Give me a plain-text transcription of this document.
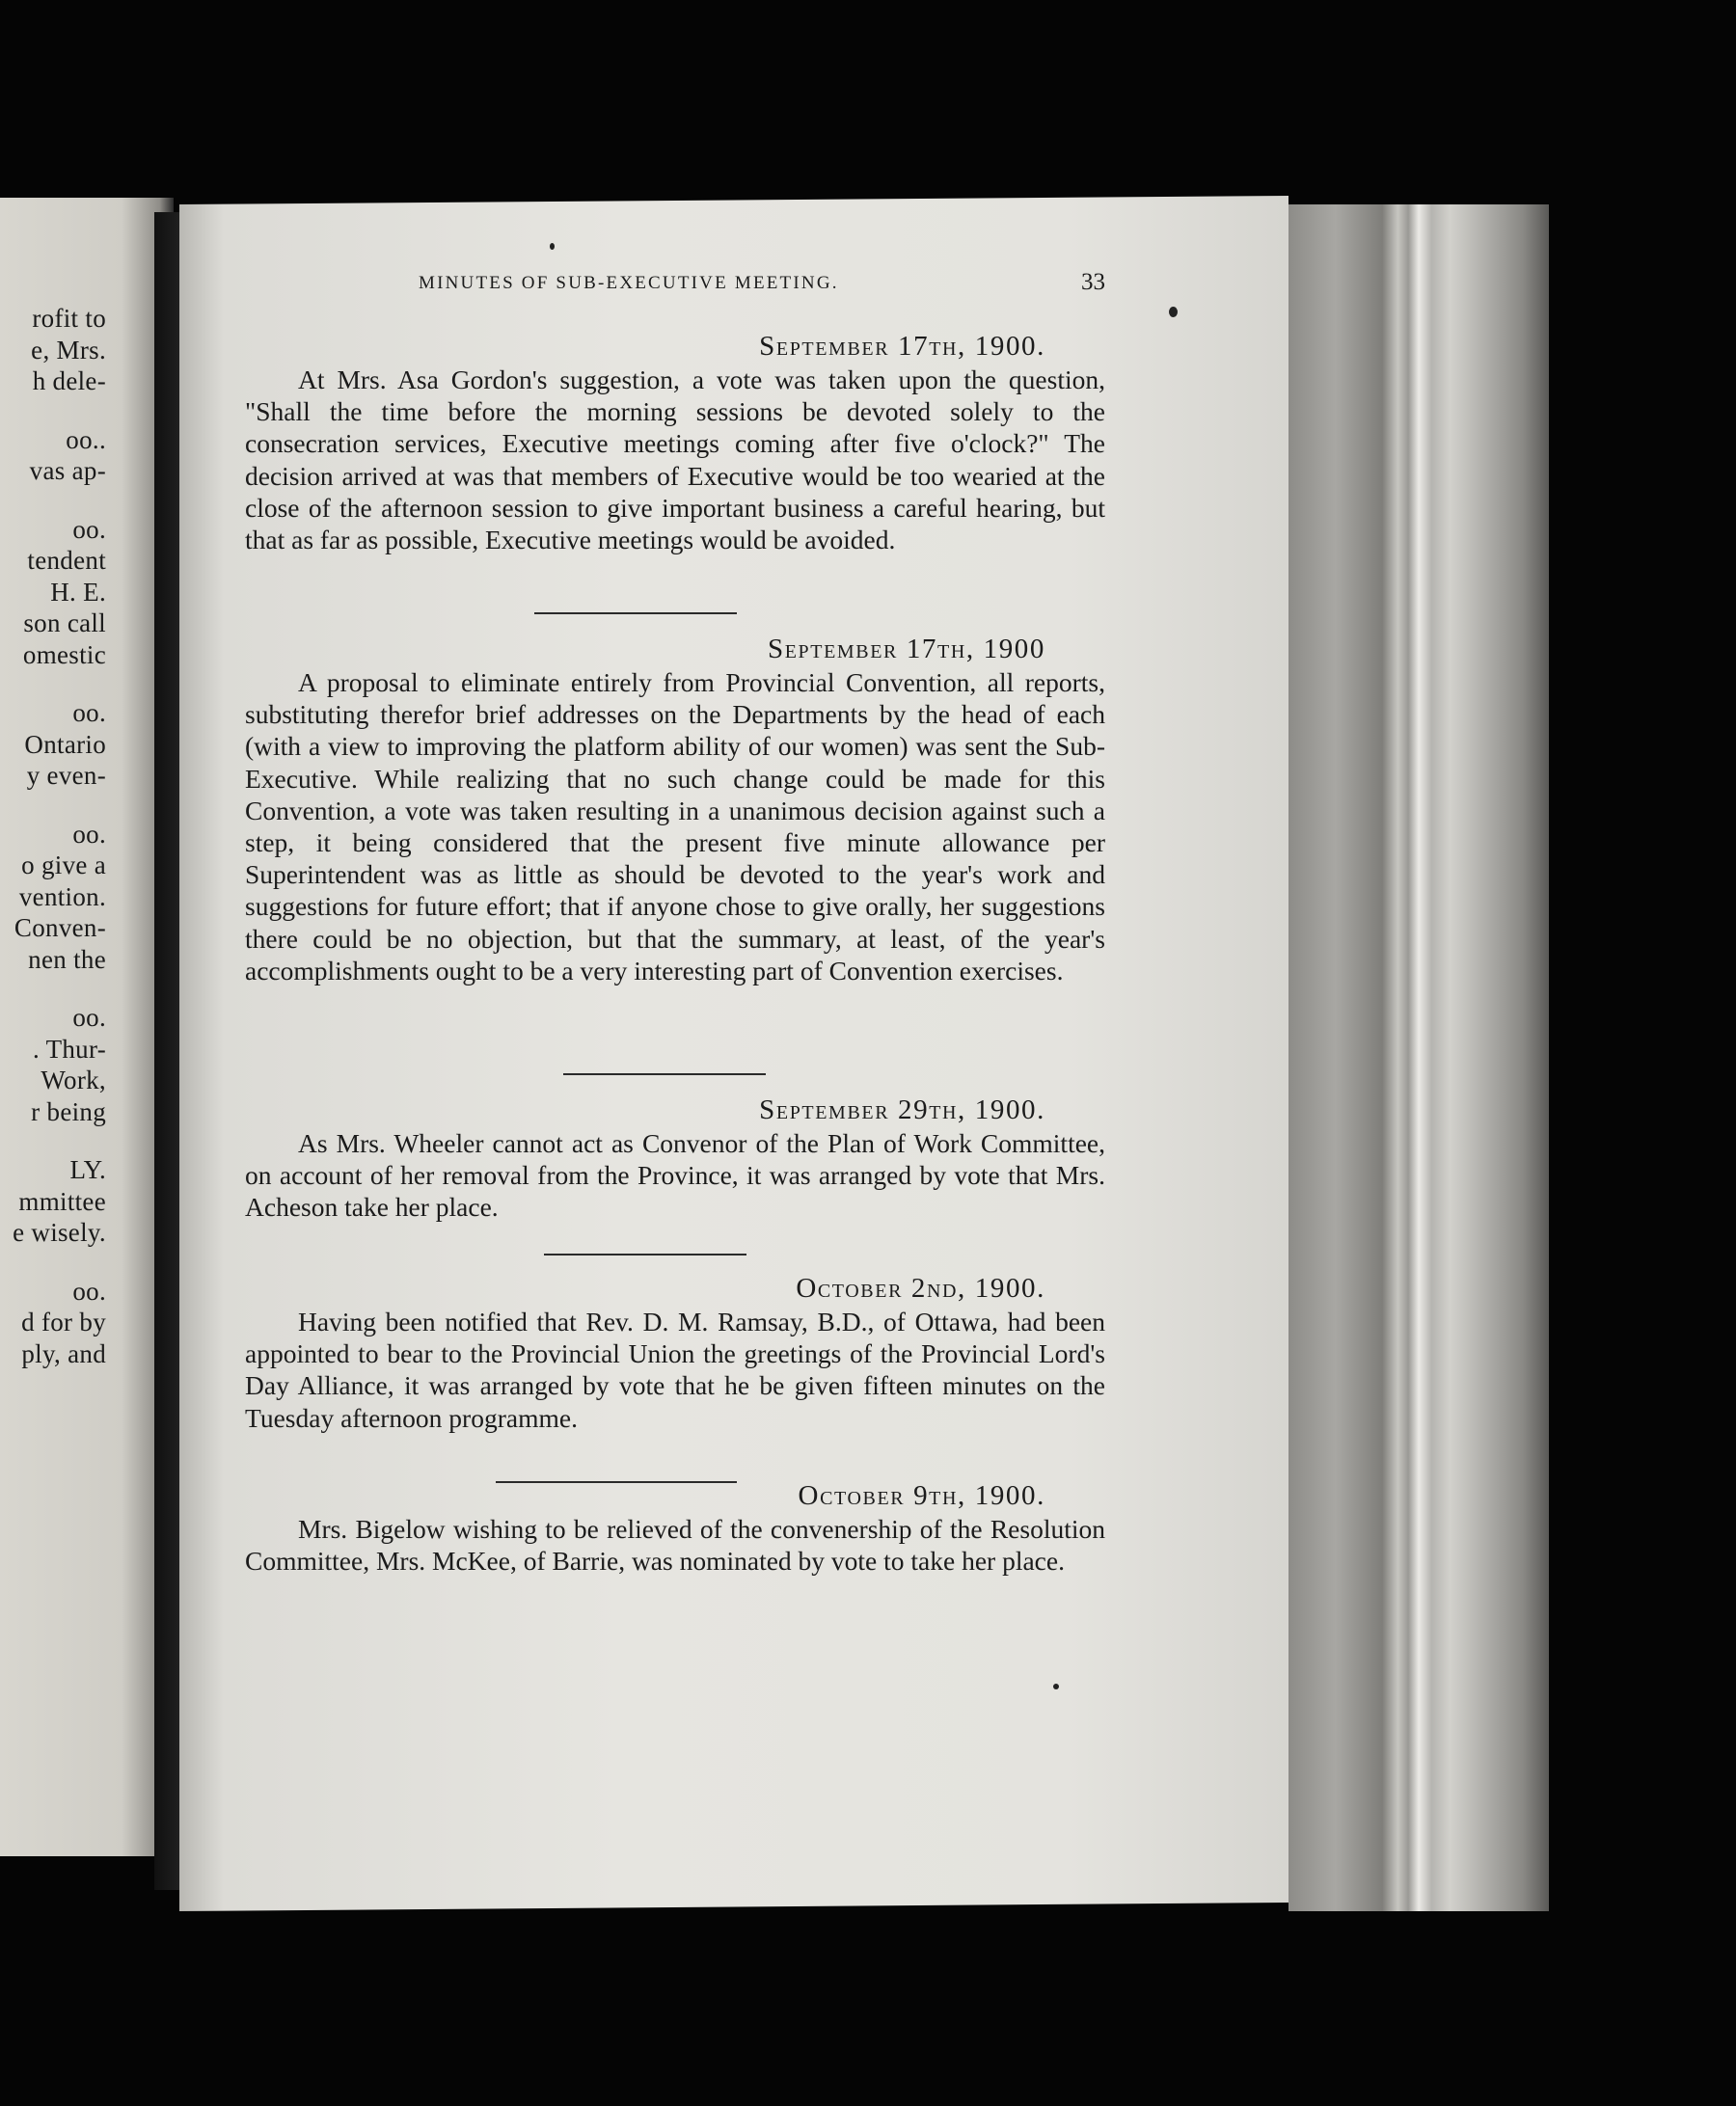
rofit to
e, Mrs.
h dele-
oo..
vas ap-
oo.
tendent
H. E.
son call
omestic
oo.
Ontario
y even-
oo.
o give a
vention.
Conven-
nen the
oo.
. Thur-
Work,
r being
LY.
mmittee
e wisely.
oo.
d for by
ply, and
MINUTES OF SUB-EXECUTIVE MEETING.	33
September 17th, 1900.

At Mrs. Asa Gordon's suggestion, a vote was taken upon the question, "Shall the time before the morning sessions be devoted solely to the consecration services, Executive meetings coming after five o'clock?" The decision arrived at was that members of Executive would be too wearied at the close of the afternoon session to give important business a careful hearing, but that as far as possible, Executive meetings would be avoided.

September 17th, 1900

A proposal to eliminate entirely from Provincial Convention, all reports, substituting therefor brief addresses on the Departments by the head of each (with a view to improving the platform ability of our women) was sent the Sub-Executive. While realizing that no such change could be made for this Convention, a vote was taken resulting in a unanimous decision against such a step, it being considered that the present five minute allowance per Superintendent was as little as should be devoted to the year's work and suggestions for future effort; that if anyone chose to give orally, her suggestions there could be no objection, but that the summary, at least, of the year's accomplishments ought to be a very interesting part of Convention exercises.

September 29th, 1900.

As Mrs. Wheeler cannot act as Convenor of the Plan of Work Committee, on account of her removal from the Province, it was arranged by vote that Mrs. Acheson take her place.

October 2nd, 1900.

Having been notified that Rev. D. M. Ramsay, B.D., of Ottawa, had been appointed to bear to the Provincial Union the greetings of the Provincial Lord's Day Alliance, it was arranged by vote that he be given fifteen minutes on the Tuesday afternoon programme.

October 9th, 1900.

Mrs. Bigelow wishing to be relieved of the convenership of the Resolution Committee, Mrs. McKee, of Barrie, was nominated by vote to take her place.
